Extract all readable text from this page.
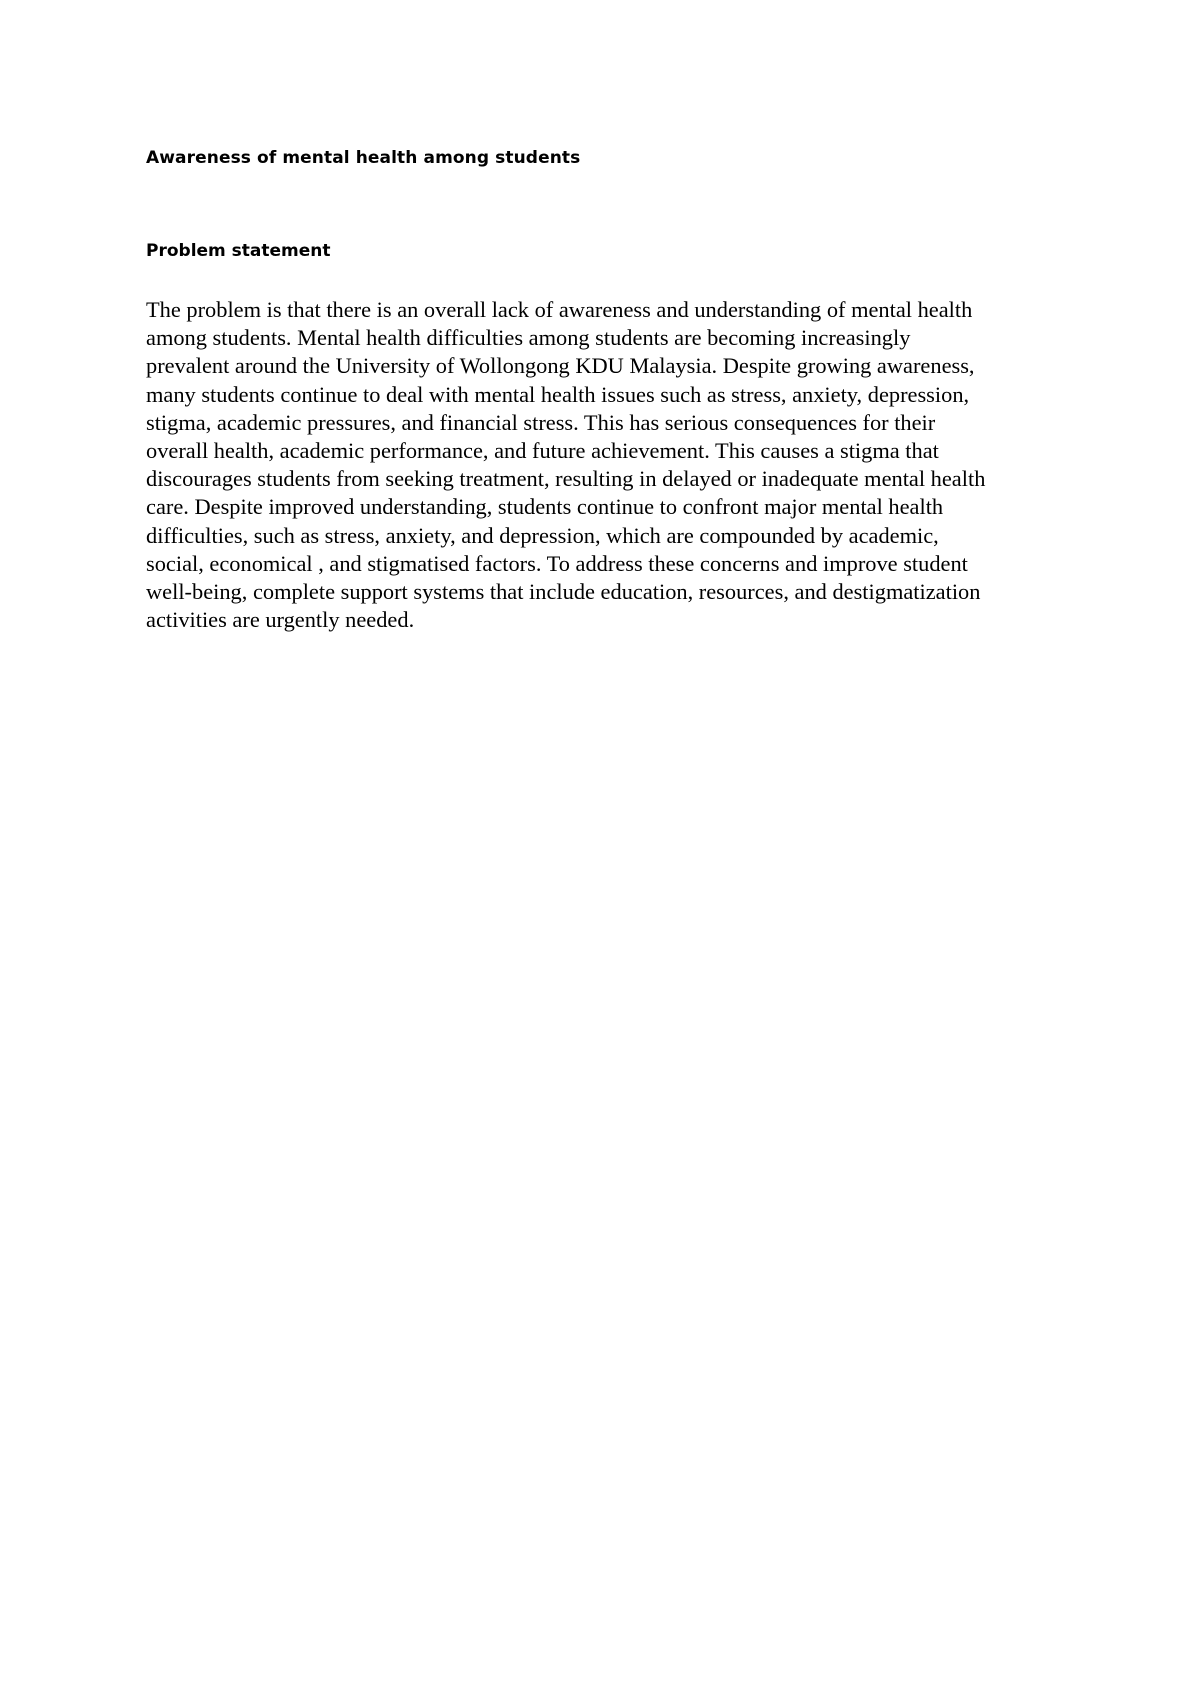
Awareness of mental health among students
Problem statement

The problem is that there is an overall lack of awareness and understanding of mental health
among students. Mental health difficulties among students are becoming increasingly
prevalent around the University of Wollongong KDU Malaysia. Despite growing awareness,
many students continue to deal with mental health issues such as stress, anxiety, depression,
stigma, academic pressures, and financial stress. This has serious consequences for their
overall health, academic performance, and future achievement. This causes a stigma that
discourages students from seeking treatment, resulting in delayed or inadequate mental health
care. Despite improved understanding, students continue to confront major mental health
difficulties, such as stress, anxiety, and depression, which are compounded by academic,
social, economical , and stigmatised factors. To address these concerns and improve student
well-being, complete support systems that include education, resources, and destigmatization
activities are urgently needed.
